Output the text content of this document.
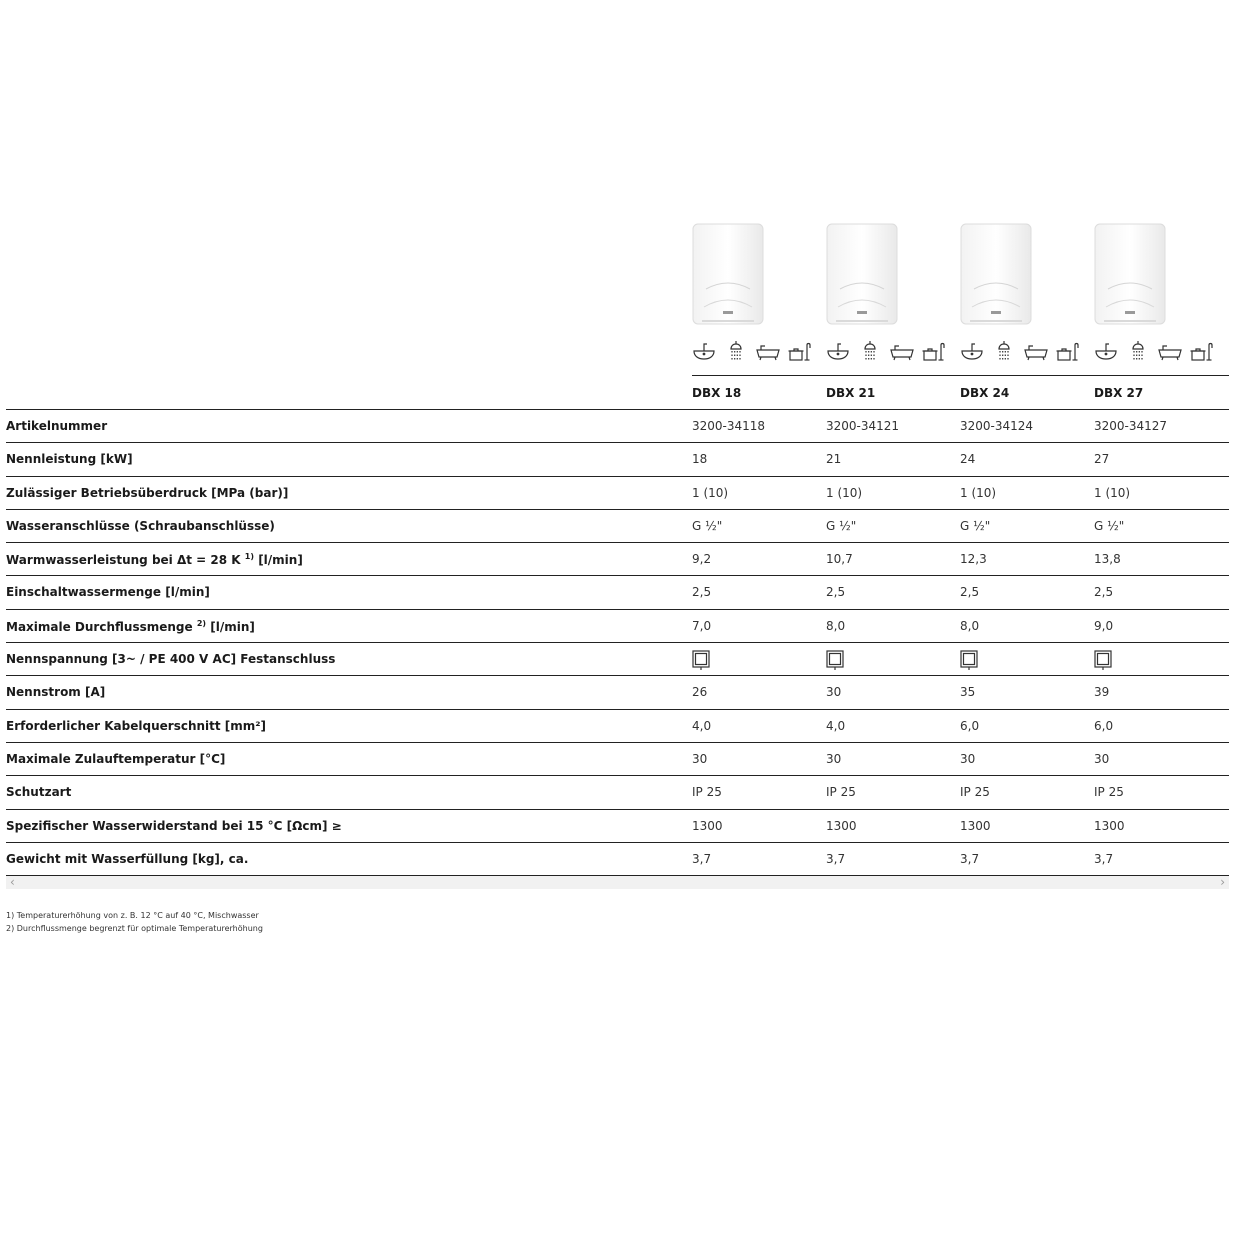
DBX 18	DBX 21	DBX 24	DBX 27
Artikelnummer	3200-34118	3200-34121	3200-34124	3200-34127
Nennleistung [kW]	18	21	24	27
Zulässiger Betriebsüberdruck [MPa (bar)]	1 (10)	1 (10)	1 (10)	1 (10)
Wasseranschlüsse (Schraubanschlüsse)	G ½"	G ½"	G ½"	G ½"
Warmwasserleistung bei Δt = 28 K $^{1)}$ [l/min]	9,2	10,7	12,3	13,8
Einschaltwassermenge [l/min]	2,5	2,5	2,5	2,5
Maximale Durchflussmenge $^{2)}$ [l/min]	7,0	8,0	8,0	9,0
Nennspannung [3~ / PE 400 V AC] Festanschluss
Nennstrom [A]	26	30	35	39
Erforderlicher Kabelquerschnitt [mm²]	4,0	4,0	6,0	6,0
Maximale Zulauftemperatur [°C]	30	30	30	30
Schutzart	IP 25	IP 25	IP 25	IP 25
Spezifischer Wasserwiderstand bei 15 °C [Ωcm] ≥	1300	1300	1300	1300
Gewicht mit Wasserfüllung [kg], ca.	3,7	3,7	3,7	3,7
‹	›
1) Temperaturerhöhung von z. B. 12 °C auf 40 °C, Mischwasser
2) Durchflussmenge begrenzt für optimale Temperaturerhöhung
